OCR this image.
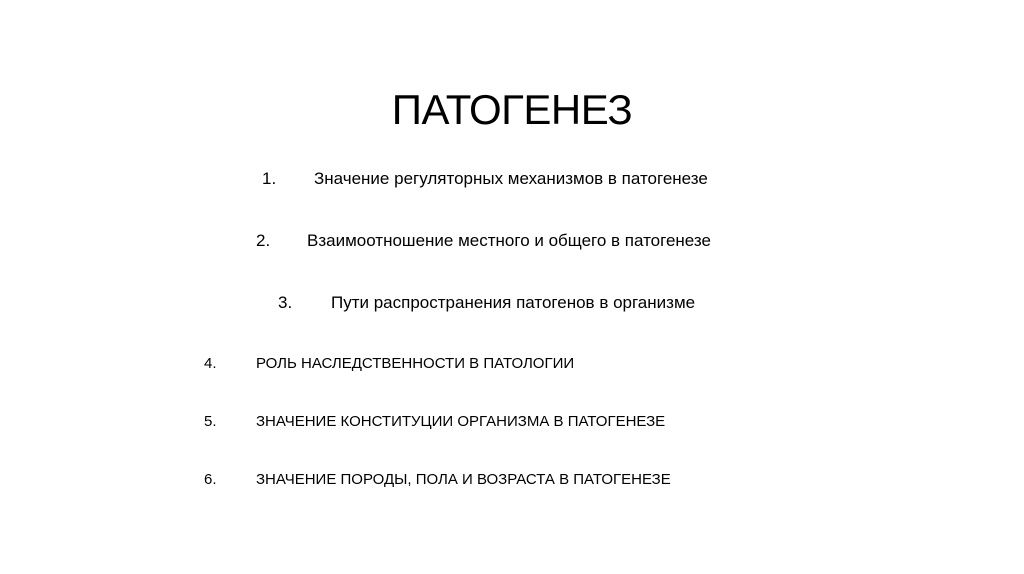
ПАТОГЕНЕЗ
1. Значение регуляторных механизмов в патогенезе
2. Взаимоотношение местного и общего в патогенезе
3. Пути распространения патогенов в организме
4.	РОЛЬ НАСЛЕДСТВЕННОСТИ В ПАТОЛОГИИ
5.	ЗНАЧЕНИЕ КОНСТИТУЦИИ ОРГАНИЗМА В ПАТОГЕНЕЗЕ
6.	ЗНАЧЕНИЕ ПОРОДЫ, ПОЛА И ВОЗРАСТА В ПАТОГЕНЕЗЕ
